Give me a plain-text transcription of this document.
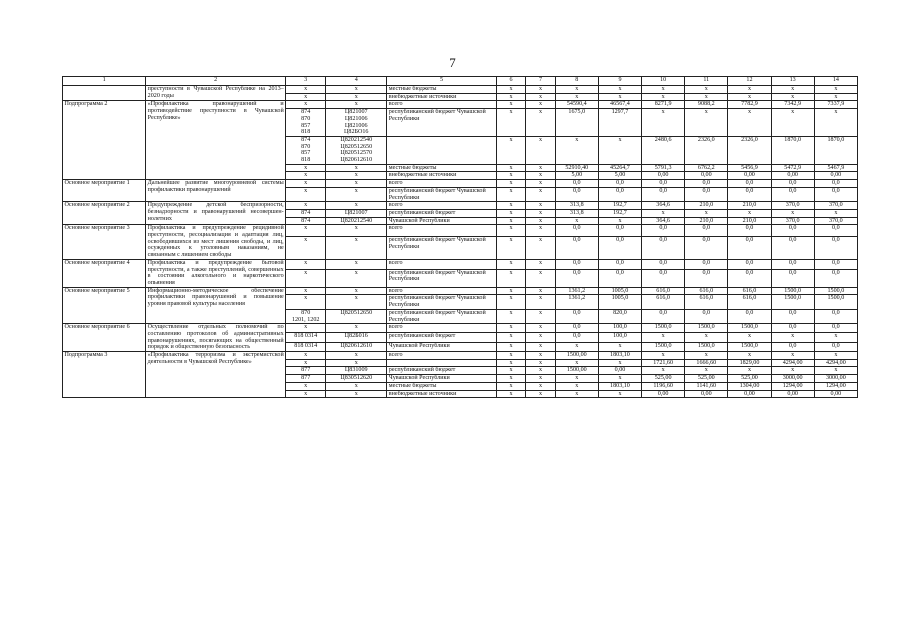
7
1	2	3	4	5	6	7	8	9	10	11	12	13	14
	преступности в Чувашской Республике на 2013–2020 годы	x	x	местные бюджеты	x	x	x	x	x	x	x	x	x
		x	x	внебюджетные источники	x	x	x	x	x	x	x	x	x
Подпрограмма 2	«Профилактика правонарушений и противодействие преступности в Чувашской Республике»	x	x	всего	x	x	54590,4	46567,4	8271,9	9088,2	7782,9	7342,9	7337,9
		874
870
857
818	Ц821007
Ц821006
Ц821006
Ц82БО16	республиканский бюджет Чувашской Республики	x	x	1675,0	1297,7	x	x	x	x	x
		874
870
857
818	Ц820212540
Ц820512650
Ц820512570
Ц820612610		x	x	x	x	2480,6	2326,0	2326,0	1870,0	1870,0
		x	x	местные бюджеты	x	x	52910,40	45264,7	5791,3	6762,2	5456,9	5472,9	5467,9
		x	x	внебюджетные источники	x	x	5,00	5,00	0,00	0,00	0,00	0,00	0,00
Основное мероприятие 1	Дальнейшее развитие многоуровневой системы профилактики правонарушений	x	x	всего	x	x	0,0	0,0	0,0	0,0	0,0	0,0	0,0
		x	x	республиканский бюджет Чувашской Республики	x	x	0,0	0,0	0,0	0,0	0,0	0,0	0,0
Основное мероприятие 2	Предупреждение детской беспризорности, безнадзорности и правонарушений несовершеннолетних	x	x	всего	x	x	313,8	192,7	364,6	210,0	210,0	370,0	370,0
		874	Ц821007	республиканский бюджет	x	x	313,8	192,7	x	x	x	x	x
		874	Ц820212540	Чувашской Республики	x	x	x	x	364,6	210,0	210,0	370,0	370,0
Основное мероприятие 3	Профилактика и предупреждение рецидивной преступности, ресоциализация и адаптация лиц, освободившихся из мест лишения свободы, и лиц, осужденных к уголовным наказаниям, не связанным с лишением свободы	x	x	всего	x	x	0,0	0,0	0,0	0,0	0,0	0,0	0,0
		x	x	республиканский бюджет Чувашской Республики	x	x	0,0	0,0	0,0	0,0	0,0	0,0	0,0
Основное мероприятие 4	Профилактика и предупреждение бытовой преступности, а также преступлений, совершенных в состоянии алкогольного и наркотического опьянения	x	x	всего	x	x	0,0	0,0	0,0	0,0	0,0	0,0	0,0
		x	x	республиканский бюджет Чувашской Республики	x	x	0,0	0,0	0,0	0,0	0,0	0,0	0,0
Основное мероприятие 5	Информационно-методическое обеспечение профилактики правонарушений и повышение уровня правовой культуры населения	x	x	всего	x	x	1361,2	1005,0	616,0	616,0	616,0	1500,0	1500,0
		x	x	республиканский бюджет Чувашской Республики	x	x	1361,2	1005,0	616,0	616,0	616,0	1500,0	1500,0
		870
1201, 1202	Ц820512650	республиканский бюджет Чувашской Республики	x	x	0,0	820,0	0,0	0,0	0,0	0,0	0,0
Основное мероприятие 6	Осуществление отдельных полномочий по составлению протоколов об административных правонарушениях, посягающих на общественный порядок и общественную безопасность	x	x	всего	x	x	0,0	100,0	1500,0	1500,0	1500,0	0,0	0,0
		818 0314	Ц82Б016	республиканский бюджет	x	x	0,0	100,0	x	x	x	x	x
		818 0314	Ц820612610	Чувашской Республики	x	x	x	x	1500,0	1500,0	1500,0	0,0	0,0
Подпрограмма 3	«Профилактика терроризма и экстремистской деятельности в Чувашской Республике»	x	x	всего	x	x	1500,00	1803,10	x	x	x	x	x
		x	x		x	x	x	x	1721,60	1666,60	1829,00	4294,00	4294,00
		877	Ц831009	республиканский бюджет	x	x	1500,00	0,00	x	x	x	x	x
		877	Ц830512620	Чувашской Республики	x	x	x	x	525,00	525,00	525,00	3000,00	3000,00
		x	x	местные бюджеты	x	x	x	1803,10	1196,60	1141,60	1304,00	1294,00	1294,00
		x	x	внебюджетные источники	x	x	x	x	0,00	0,00	0,00	0,00	0,00
